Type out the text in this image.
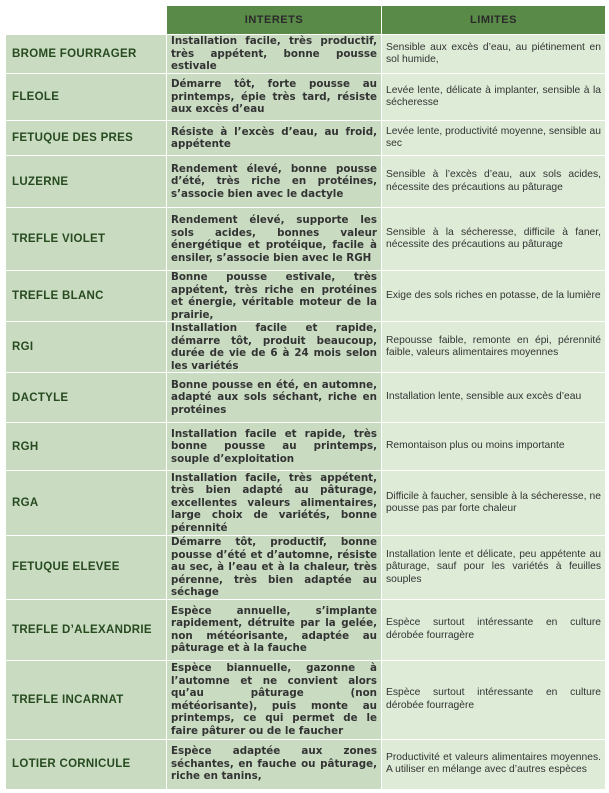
	INTERETS	LIMITES
BROME FOURRAGER	Installation facile, très productif, très appétent, bonne pousse estivale	Sensible aux excès d’eau, au piétinement en sol humide,
FLEOLE	Démarre tôt, forte pousse au printemps, épie très tard, résiste aux excès d’eau	Levée lente, délicate à implanter, sensible à la sécheresse
FETUQUE DES PRES	Résiste à l’excès d’eau, au froid, appétente	Levée lente, productivité moyenne, sensible au sec
LUZERNE	Rendement élevé, bonne pousse d’été, très riche en protéines, s’associe bien avec le dactyle	Sensible à l’excès d’eau, aux sols acides, nécessite des précautions au pâturage
TREFLE VIOLET	Rendement élevé, supporte les sols acides, bonnes valeur énergétique et protéique, facile à ensiler, s’associe bien avec le RGH	Sensible à la sécheresse, difficile à faner, nécessite des précautions au pâturage
TREFLE BLANC	Bonne pousse estivale, très appétent, très riche en protéines et énergie, véritable moteur de la prairie,	Exige des sols riches en potasse, de la lumière
RGI	Installation facile et rapide, démarre tôt, produit beaucoup, durée de vie de 6 à 24 mois selon les variétés	Repousse faible, remonte en épi, pérennité faible, valeurs alimentaires moyennes
DACTYLE	Bonne pousse en été, en automne, adapté aux sols séchant, riche en protéines	Installation lente, sensible aux excès d’eau
RGH	Installation facile et rapide, très bonne pousse au printemps, souple d’exploitation	Remontaison plus ou moins importante
RGA	Installation facile, très appétent, très bien adapté au pâturage, excellentes valeurs alimentaires, large choix de variétés, bonne pérennité	Difficile à faucher, sensible à la sécheresse, ne pousse pas par forte chaleur
FETUQUE ELEVEE	Démarre tôt, productif, bonne pousse d’été et d’automne, résiste au sec, à l’eau et à la chaleur, très pérenne, très bien adaptée au séchage	Installation lente et délicate, peu appétente au pâturage, sauf pour les variétés à feuilles souples
TREFLE D’ALEXANDRIE	Espèce annuelle, s’implante rapidement, détruite par la gelée, non météorisante, adaptée au pâturage et à la fauche	Espèce surtout intéressante en culture dérobée fourragère
TREFLE INCARNAT	Espèce biannuelle, gazonne à l’automne et ne convient alors qu’au pâturage (non météorisante), puis monte au printemps, ce qui permet de le faire pâturer ou de le faucher	Espèce surtout intéressante en culture dérobée fourragère
LOTIER CORNICULE	Espèce adaptée aux zones séchantes, en fauche ou pâturage, riche en tanins,	Productivité et valeurs alimentaires moyennes. A utiliser en mélange avec d’autres espèces
